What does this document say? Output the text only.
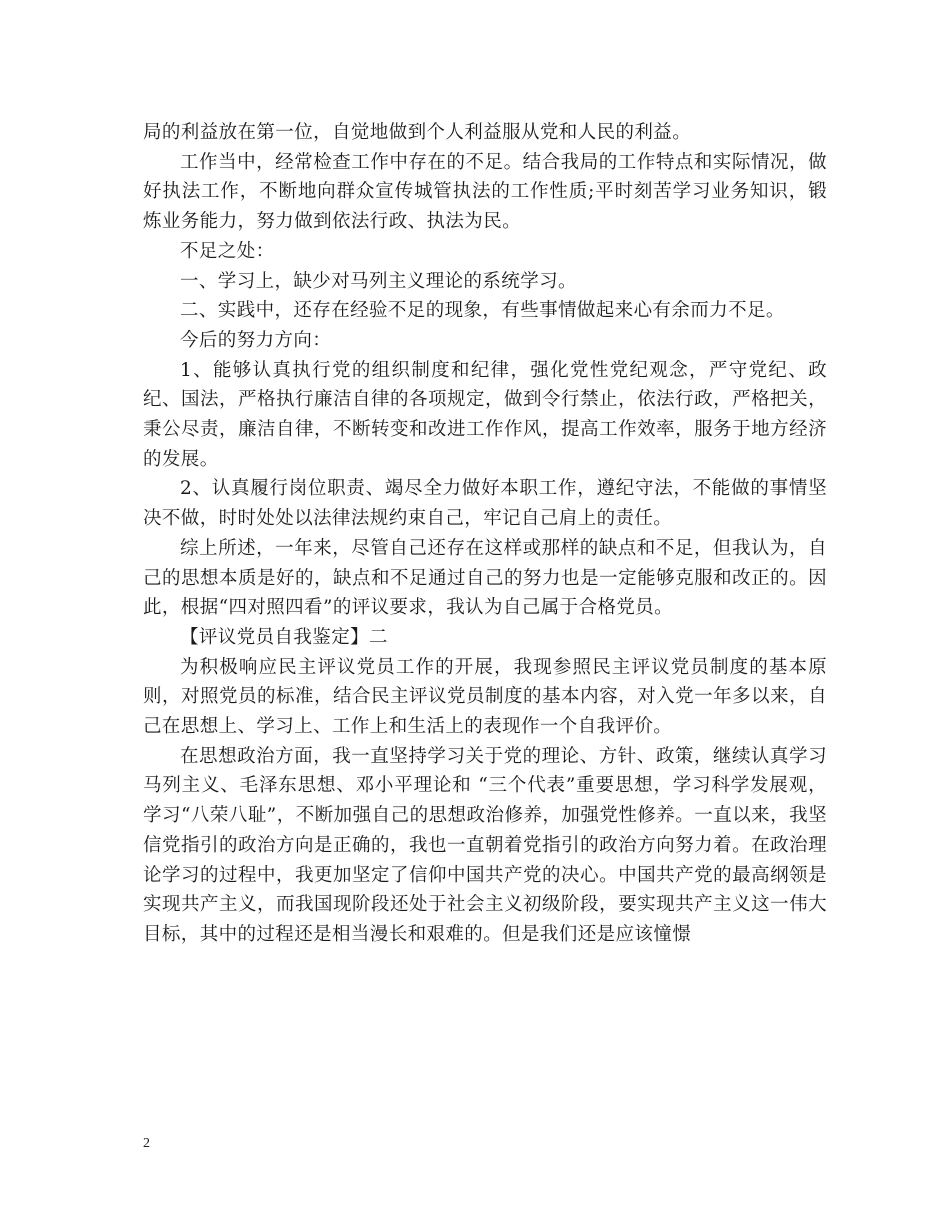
局的利益放在第一位，自觉地做到个人利益服从党和人民的利益。

工作当中，经常检查工作中存在的不足。结合我局的工作特点和实际情况，做好执法工作，不断地向群众宣传城管执法的工作性质;平时刻苦学习业务知识，锻炼业务能力，努力做到依法行政、执法为民。

不足之处：

一、学习上，缺少对马列主义理论的系统学习。

二、实践中，还存在经验不足的现象，有些事情做起来心有余而力不足。

今后的努力方向：

1、能够认真执行党的组织制度和纪律，强化党性党纪观念，严守党纪、政纪、国法，严格执行廉洁自律的各项规定，做到令行禁止，依法行政，严格把关，秉公尽责，廉洁自律，不断转变和改进工作作风，提高工作效率，服务于地方经济的发展。

2、认真履行岗位职责、竭尽全力做好本职工作，遵纪守法，不能做的事情坚决不做，时时处处以法律法规约束自己，牢记自己肩上的责任。

综上所述，一年来，尽管自己还存在这样或那样的缺点和不足，但我认为，自己的思想本质是好的，缺点和不足通过自己的努力也是一定能够克服和改正的。因此，根据“四对照四看”的评议要求，我认为自己属于合格党员。

【评议党员自我鉴定】二

为积极响应民主评议党员工作的开展，我现参照民主评议党员制度的基本原则，对照党员的标准，结合民主评议党员制度的基本内容，对入党一年多以来，自己在思想上、学习上、工作上和生活上的表现作一个自我评价。

在思想政治方面，我一直坚持学习关于党的理论、方针、政策，继续认真学习马列主义、毛泽东思想、邓小平理论和 “三个代表”重要思想，学习科学发展观，学习“八荣八耻”，不断加强自己的思想政治修养，加强党性修养。一直以来，我坚信党指引的政治方向是正确的，我也一直朝着党指引的政治方向努力着。在政治理论学习的过程中，我更加坚定了信仰中国共产党的决心。中国共产党的最高纲领是实现共产主义，而我国现阶段还处于社会主义初级阶段，要实现共产主义这一伟大目标，其中的过程还是相当漫长和艰难的。但是我们还是应该憧憬

2
